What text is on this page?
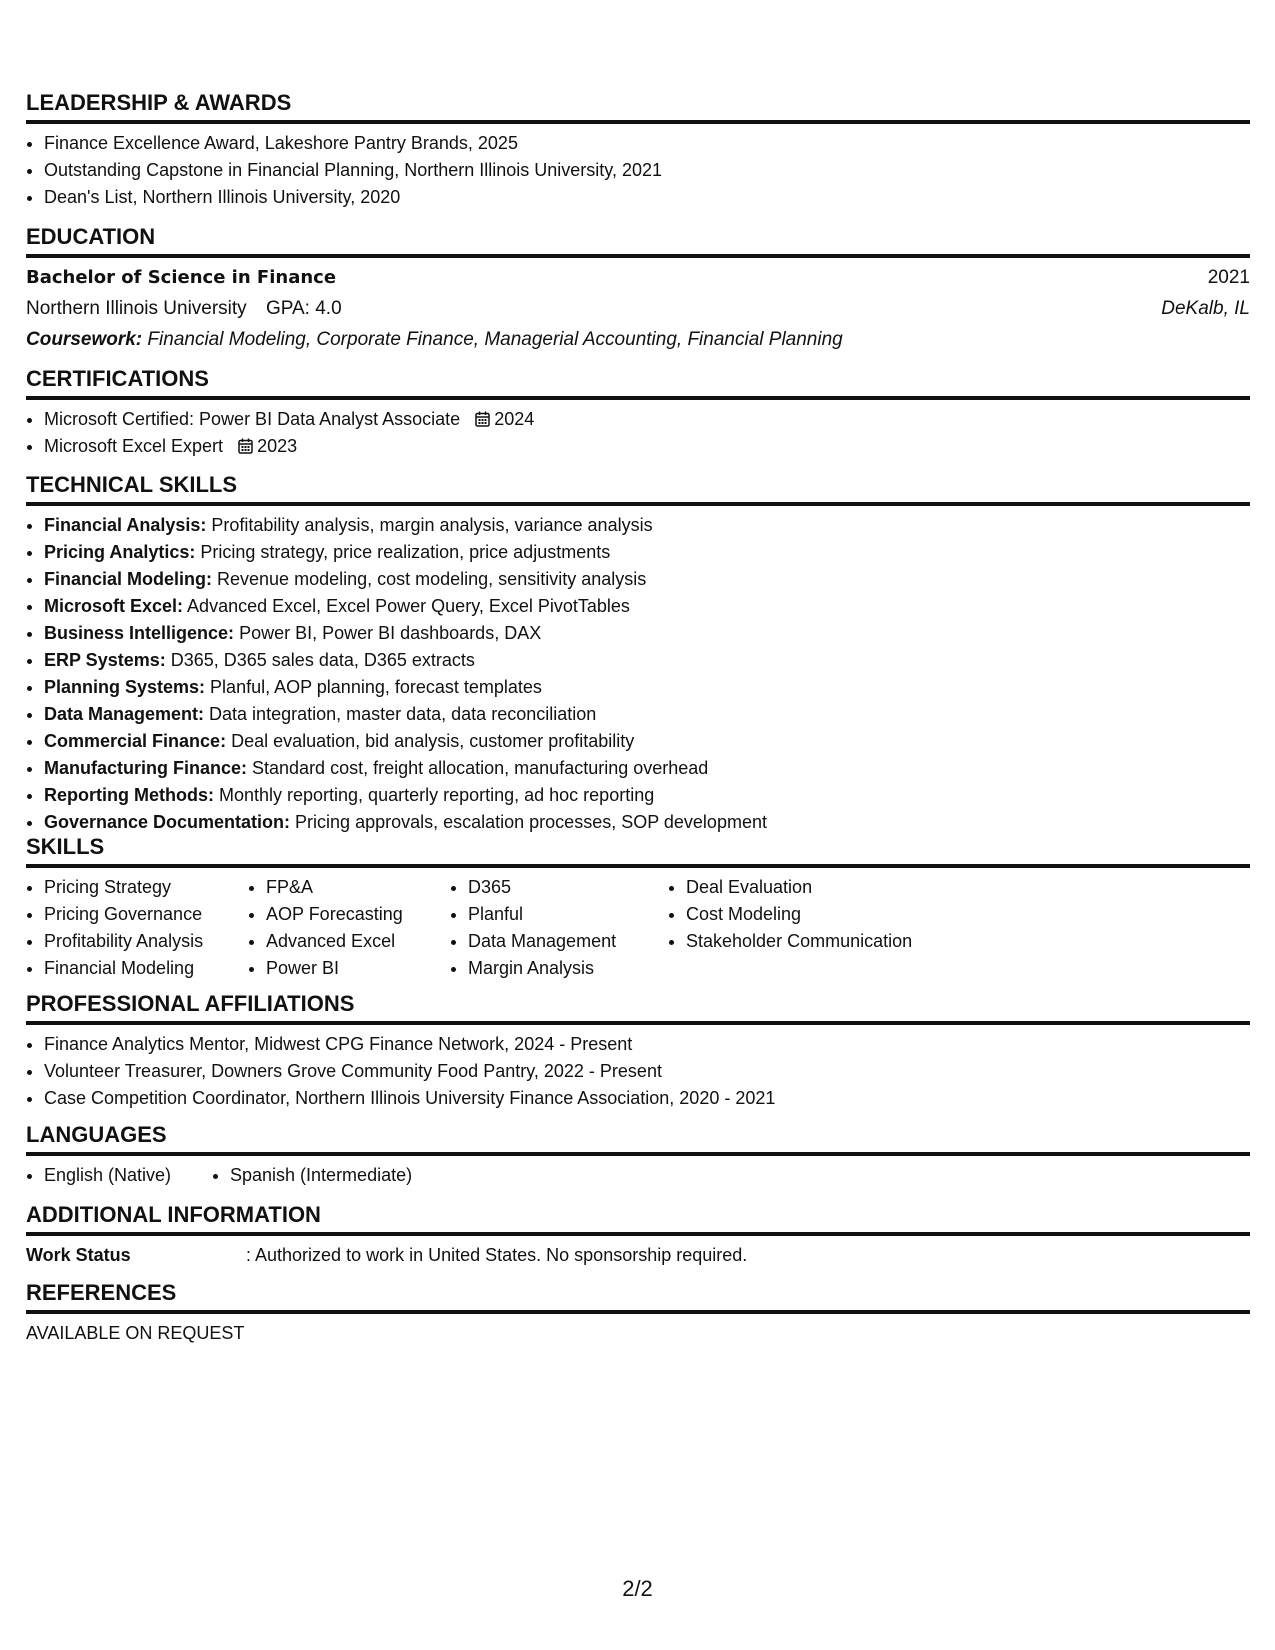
LEADERSHIP & AWARDS
• Finance Excellence Award, Lakeshore Pantry Brands, 2025
• Outstanding Capstone in Financial Planning, Northern Illinois University, 2021
• Dean's List, Northern Illinois University, 2020
EDUCATION
Bachelor of Science in Finance	2021
Northern Illinois University GPA: 4.0	DeKalb, IL
Coursework: Financial Modeling, Corporate Finance, Managerial Accounting, Financial Planning
CERTIFICATIONS
• Microsoft Certified: Power BI Data Analyst Associate 2024
• Microsoft Excel Expert 2023
TECHNICAL SKILLS
• Financial Analysis: Profitability analysis, margin analysis, variance analysis
• Pricing Analytics: Pricing strategy, price realization, price adjustments
• Financial Modeling: Revenue modeling, cost modeling, sensitivity analysis
• Microsoft Excel: Advanced Excel, Excel Power Query, Excel PivotTables
• Business Intelligence: Power BI, Power BI dashboards, DAX
• ERP Systems: D365, D365 sales data, D365 extracts
• Planning Systems: Planful, AOP planning, forecast templates
• Data Management: Data integration, master data, data reconciliation
• Commercial Finance: Deal evaluation, bid analysis, customer profitability
• Manufacturing Finance: Standard cost, freight allocation, manufacturing overhead
• Reporting Methods: Monthly reporting, quarterly reporting, ad hoc reporting
• Governance Documentation: Pricing approvals, escalation processes, SOP development
SKILLS
• Pricing Strategy
• Pricing Governance
• Profitability Analysis
• Financial Modeling
• FP&A
• AOP Forecasting
• Advanced Excel
• Power BI
• D365
• Planful
• Data Management
• Margin Analysis
• Deal Evaluation
• Cost Modeling
• Stakeholder Communication
PROFESSIONAL AFFILIATIONS
• Finance Analytics Mentor, Midwest CPG Finance Network, 2024 - Present
• Volunteer Treasurer, Downers Grove Community Food Pantry, 2022 - Present
• Case Competition Coordinator, Northern Illinois University Finance Association, 2020 - 2021
LANGUAGES
• English (Native)
•	Spanish (Intermediate)
ADDITIONAL INFORMATION
Work Status	: Authorized to work in United States. No sponsorship required.
REFERENCES
AVAILABLE ON REQUEST
2/2
